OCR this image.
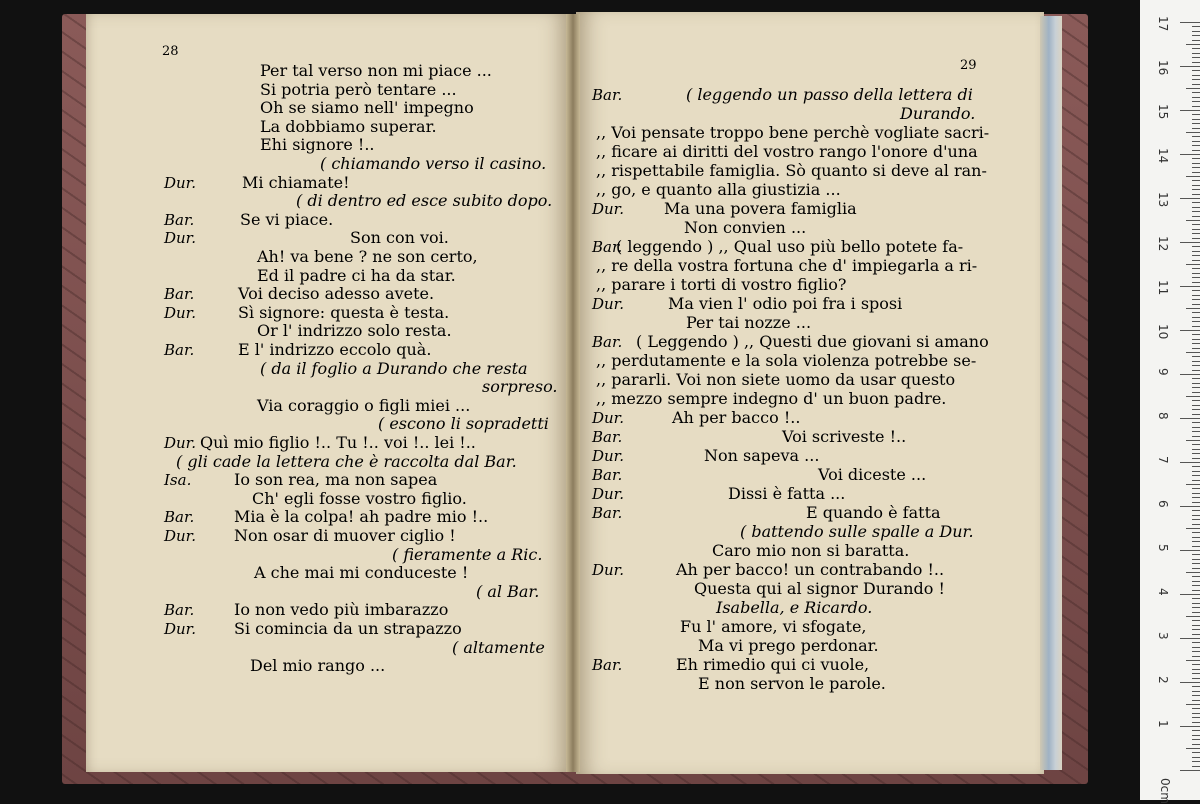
28
Per tal verso non mi piace ...
Si potria però tentare ...
Oh se siamo nell' impegno
La dobbiamo superar.
Ehi signore !..
( chiamando verso il casino.
Dur.	Mi chiamate!
( di dentro ed esce subito dopo.
Bar.	Se vi piace.
Dur.	Son con voi.
Ah! va bene ? ne son certo,
Ed il padre ci ha da star.
Bar.	Voi deciso adesso avete.
Dur.	Sì signore: questa è testa.
Or l' indrizzo solo resta.
Bar.	E l' indrizzo eccolo quà.
( da il foglio a Durando che resta
sorpreso.
Via coraggio o figli miei ...
( escono li sopradetti
Dur. Quì mio figlio !.. Tu !.. voi !.. lei !..
( gli cade la lettera che è raccolta dal Bar.
Isa.	Io son rea, ma non sapea
Ch' egli fosse vostro figlio.
Bar. Mia è la colpa! ah padre mio !..
Dur. Non osar di muover ciglio !
( fieramente a Ric.
A che mai mi conduceste !
( al Bar.
Bar. Io non vedo più imbarazzo
Dur. Si comincia da un strapazzo
( altamente
Del mio rango ...
29
Bar.	( leggendo un passo della lettera di
Durando.
,, Voi pensate troppo bene perchè vogliate sacri-
,, ficare ai diritti del vostro rango l'onore d'una
,, rispettabile famiglia. Sò quanto si deve al ran-
,, go, e quanto alla giustizia ...
Dur.	Ma una povera famiglia
Non convien ...
Bar.
( leggendo ) ,, Qual uso più bello potete fa-
,, re della vostra fortuna che d' impiegarla a ri-
,, parare i torti di vostro figlio?
Dur.	Ma vien l' odio poi fra i sposi
Per tai nozze ...
Bar. ( Leggendo ) ,, Questi due giovani si amano
,, perdutamente e la sola violenza potrebbe se-
,, pararli. Voi non siete uomo da usar questo
,, mezzo sempre indegno d' un buon padre.
Dur.	Ah per bacco !..
Bar.	Voi scriveste !..
Dur.	Non sapeva ...
Bar.	Voi diceste ...
Dur.	Dissi è fatta ...
Bar.	E quando è fatta
( battendo sulle spalle a Dur.
Caro mio non si baratta.
Dur.	Ah per bacco! un contrabando !..
Questa qui al signor Durando !
Isabella, e Ricardo.
Fu l' amore, vi sfogate,
Ma vi prego perdonar.
Bar.	Eh rimedio qui ci vuole,
E non servon le parole.
1
2
3
4
5
6
7
8
9
10
11
12
13
14
15
16
17
0cm
